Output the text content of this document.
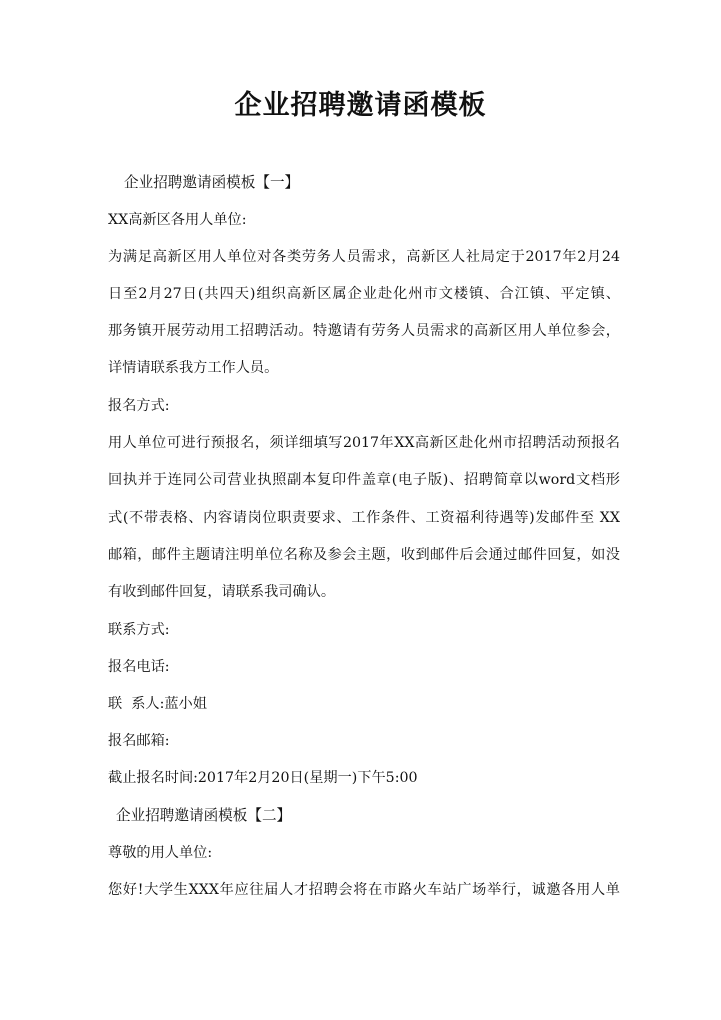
企业招聘邀请函模板
企业招聘邀请函模板【一】
XX高新区各用人单位:
为满足高新区用人单位对各类劳务人员需求，高新区人社局定于2017年2月24
日至2月27日(共四天)组织高新区属企业赴化州市文楼镇、合江镇、平定镇、
那务镇开展劳动用工招聘活动。特邀请有劳务人员需求的高新区用人单位参会，
详情请联系我方工作人员。
报名方式:
用人单位可进行预报名，须详细填写2017年XX高新区赴化州市招聘活动预报名
回执并于连同公司营业执照副本复印件盖章(电子版)、招聘简章以word文档形
式(不带表格、内容请岗位职责要求、工作条件、工资福利待遇等)发邮件至 XX
邮箱，邮件主题请注明单位名称及参会主题，收到邮件后会通过邮件回复，如没
有收到邮件回复，请联系我司确认。
联系方式:
报名电话:
联  系人:蓝小姐
报名邮箱:
截止报名时间:2017年2月20日(星期一)下午5:00
企业招聘邀请函模板【二】
尊敬的用人单位:
您好!大学生XXX年应往届人才招聘会将在市路火车站广场举行，诚邀各用人单
